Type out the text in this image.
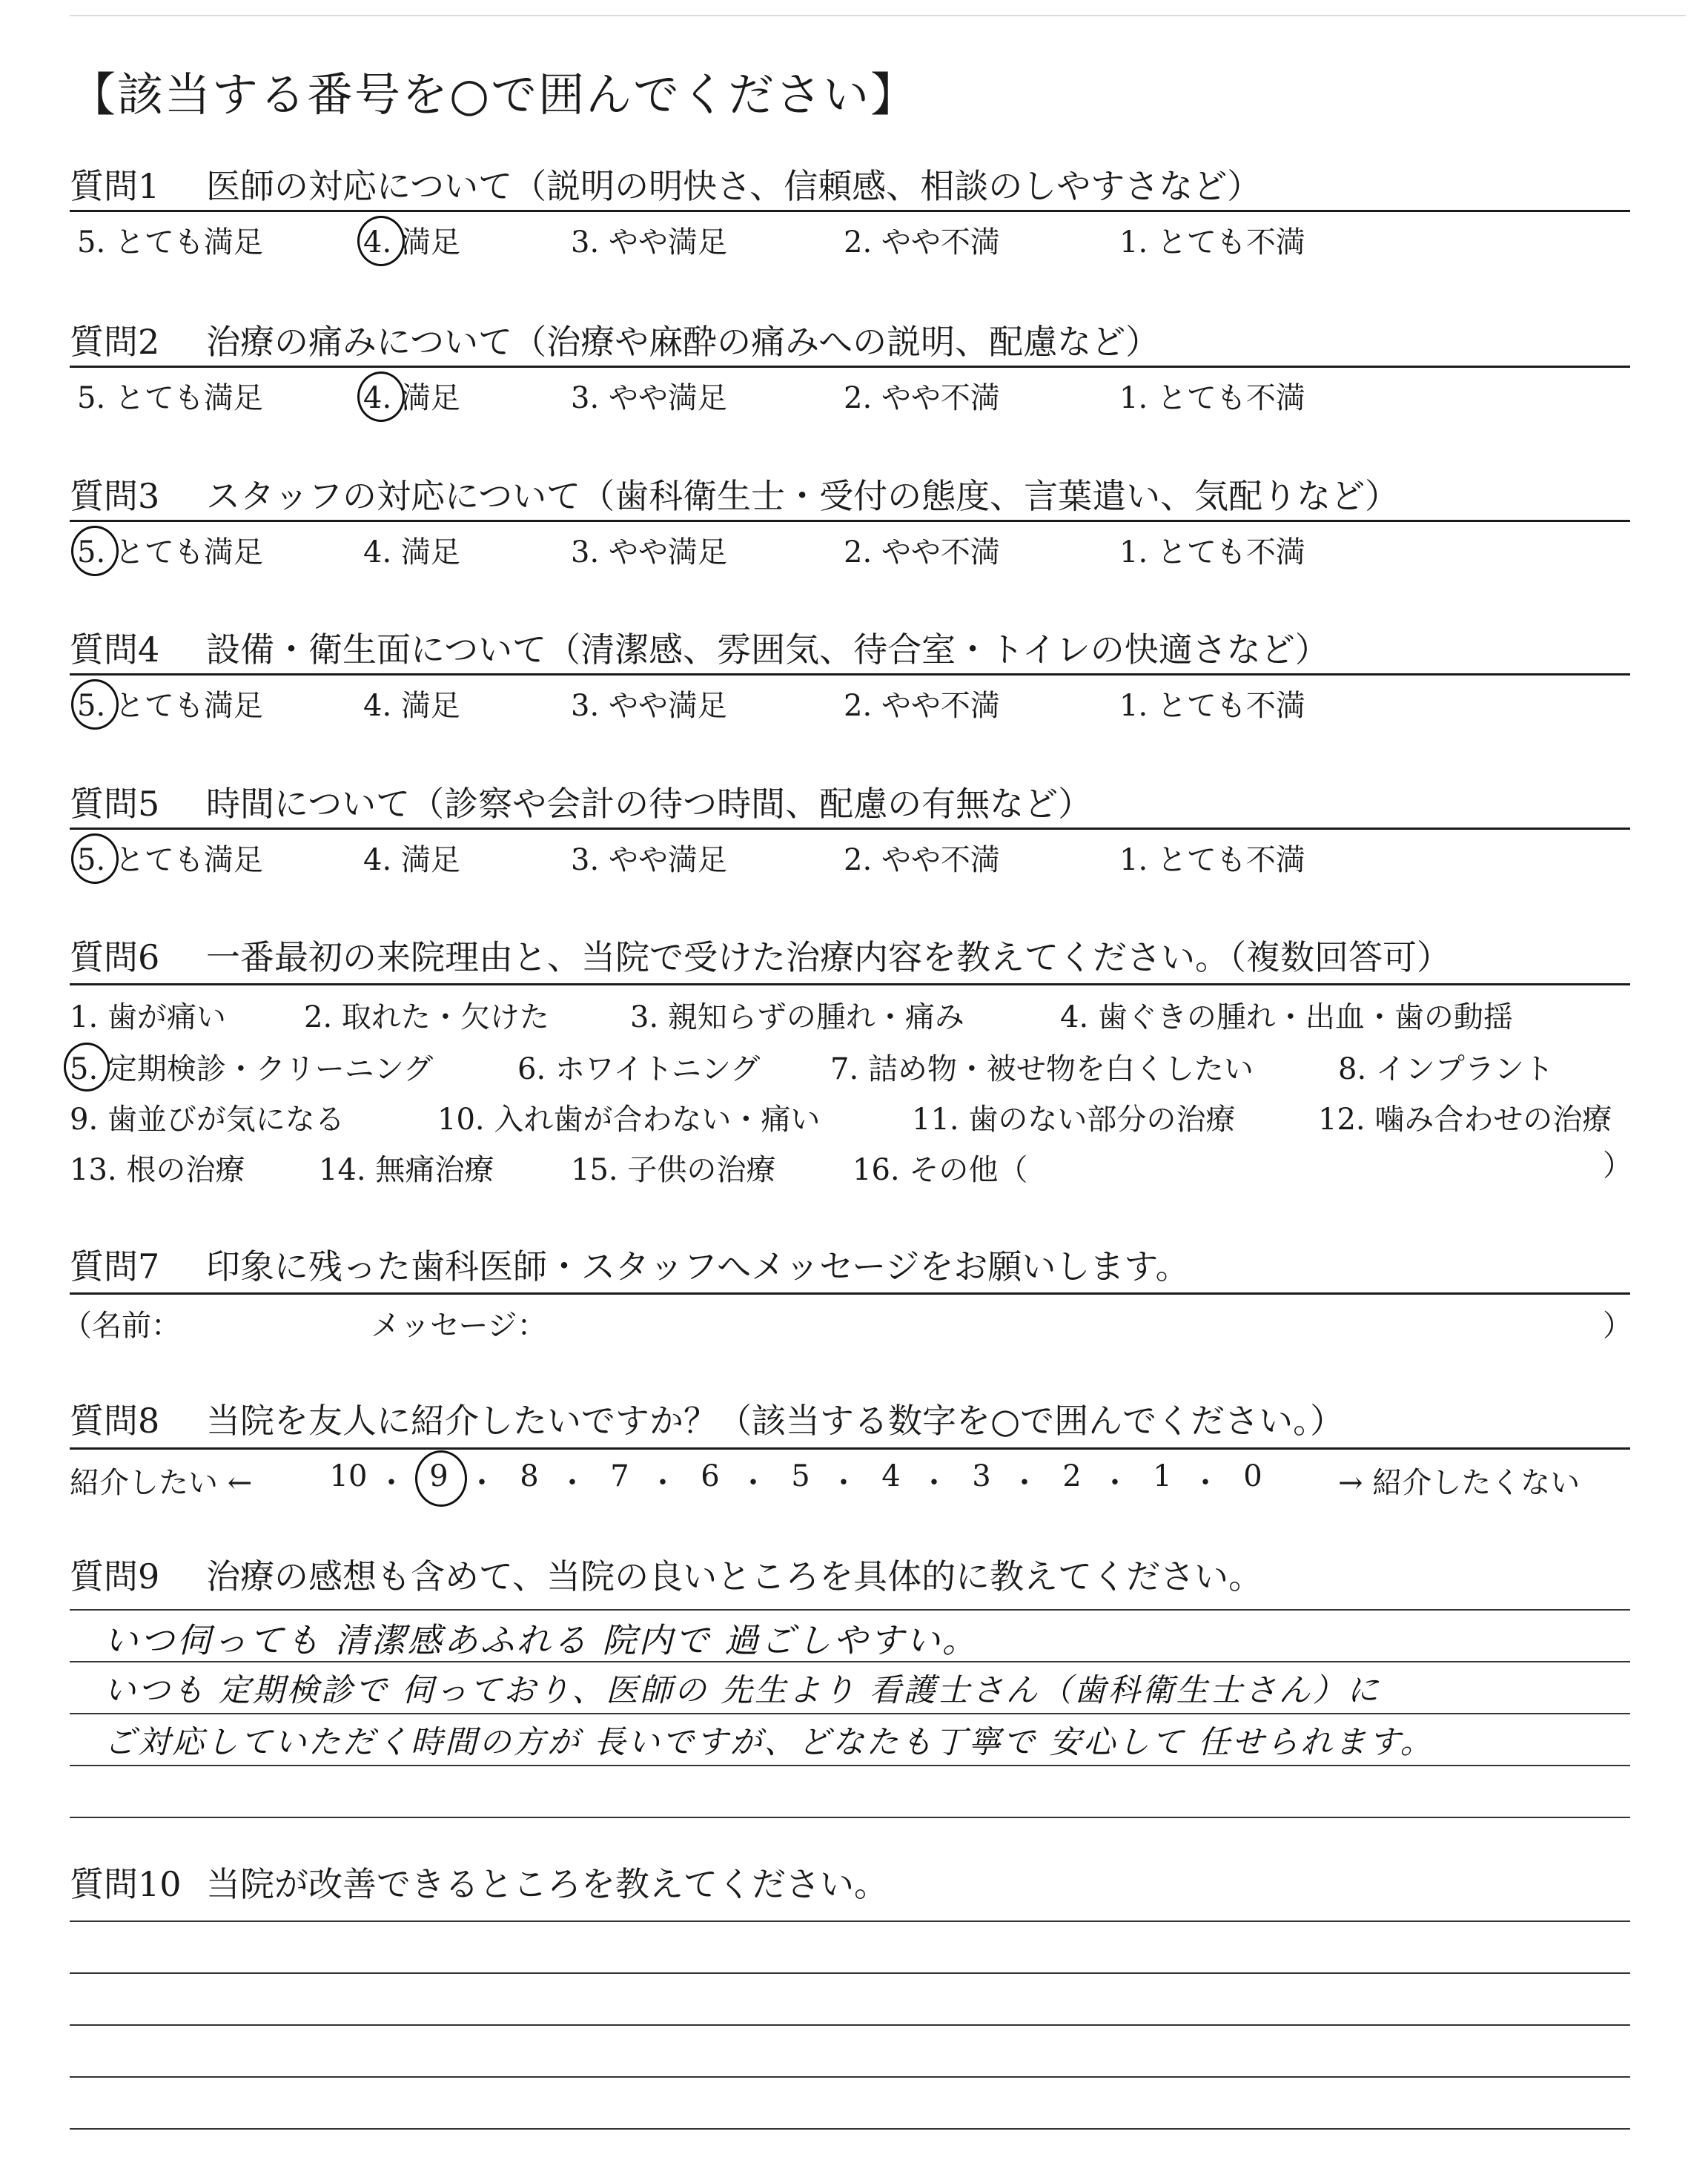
【該当する番号を○で囲んでください】
質問1 医師の対応について（説明の明快さ、信頼感、相談のしやすさなど）
5. とても満足	4. 満足	3. やや満足	2. やや不満	1. とても不満
質問2 治療の痛みについて（治療や麻酔の痛みへの説明、配慮など）
5. とても満足	4. 満足	3. やや満足	2. やや不満	1. とても不満
質問3 スタッフの対応について（歯科衛生士・受付の態度、言葉遣い、気配りなど）
5. とても満足	4. 満足	3. やや満足	2. やや不満	1. とても不満
質問4 設備・衛生面について（清潔感、雰囲気、待合室・トイレの快適さなど）
5. とても満足	4. 満足	3. やや満足	2. やや不満	1. とても不満
質問5 時間について（診察や会計の待つ時間、配慮の有無など）
5. とても満足	4. 満足	3. やや満足	2. やや不満	1. とても不満
質問6 一番最初の来院理由と、当院で受けた治療内容を教えてください。（複数回答可）
1. 歯が痛い	2. 取れた・欠けた	3. 親知らずの腫れ・痛み	4. 歯ぐきの腫れ・出血・歯の動揺
5. 定期検診・クリーニング	6. ホワイトニング 7. 詰め物・被せ物を白くしたい	8. インプラント
9. 歯並びが気になる	10. 入れ歯が合わない・痛い	11. 歯のない部分の治療	12. 噛み合わせの治療
13. 根の治療 14. 無痛治療	15. 子供の治療	16. その他（	）
質問7 印象に残った歯科医師・スタッフへメッセージをお願いします。
（名前：	メッセージ：	）
質問8 当院を友人に紹介したいですか？（該当する数字を○で囲んでください。）
紹介したい ←	10 ・ 9 ・ 8 ・ 7 ・ 6 ・ 5 ・ 4 ・ 3 ・ 2 ・ 1 ・ 0	→ 紹介したくない
質問9 治療の感想も含めて、当院の良いところを具体的に教えてください。
いつ伺っても 清潔感あふれる 院内で 過ごしやすい。
いつも 定期検診で 伺っており、医師の 先生より 看護士さん（歯科衛生士さん）に
ご対応していただく時間の方が 長いですが、どなたも丁寧で 安心して 任せられます。
質問10 当院が改善できるところを教えてください。
